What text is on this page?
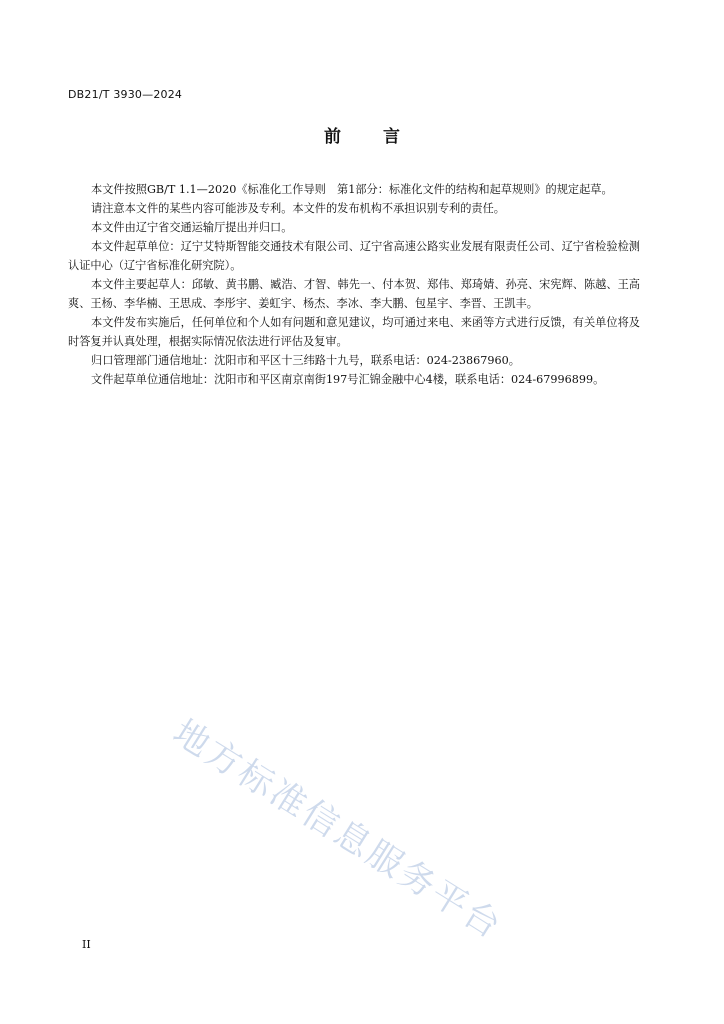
DB21/T 3930—2024
前言

本文件按照GB/T 1.1—2020《标准化工作导则　第1部分：标准化文件的结构和起草规则》的规定起草。

请注意本文件的某些内容可能涉及专利。本文件的发布机构不承担识别专利的责任。

本文件由辽宁省交通运输厅提出并归口。

本文件起草单位：辽宁艾特斯智能交通技术有限公司、辽宁省高速公路实业发展有限责任公司、辽宁省检验检测认证中心（辽宁省标准化研究院）。

本文件主要起草人：邱敏、黄书鹏、臧浩、才智、韩先一、付本贺、郑伟、郑琦婧、孙亮、宋宪辉、陈越、王高爽、王杨、李华楠、王思成、李彤宇、姜虹宇、杨杰、李冰、李大鹏、包星宇、李晋、王凯丰。

本文件发布实施后，任何单位和个人如有问题和意见建议，均可通过来电、来函等方式进行反馈，有关单位将及时答复并认真处理，根据实际情况依法进行评估及复审。

归口管理部门通信地址：沈阳市和平区十三纬路十九号，联系电话：024-23867960。

文件起草单位通信地址：沈阳市和平区南京南街197号汇锦金融中心4楼，联系电话：024-67996899。

地方标准信息服务平台
II
